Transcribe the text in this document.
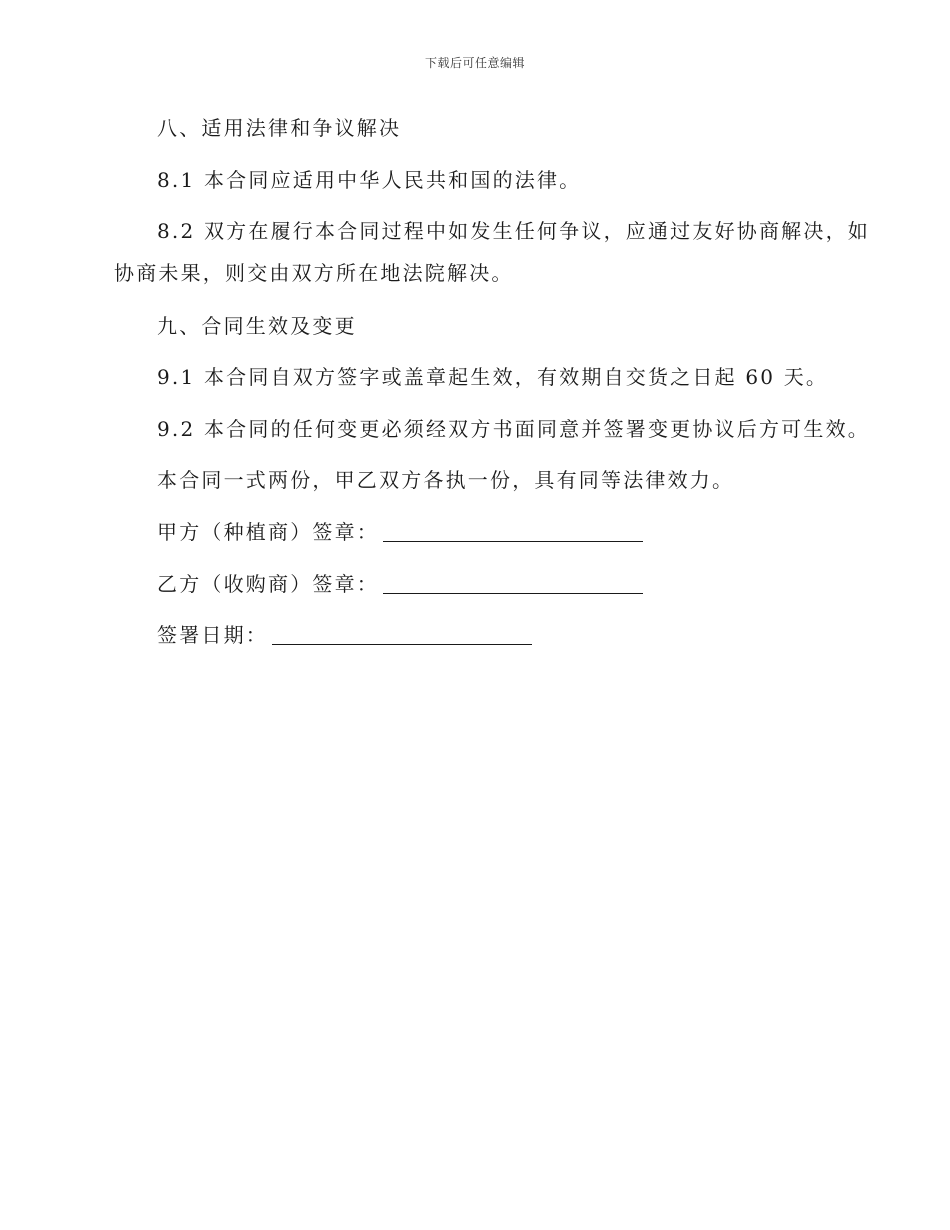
下载后可任意编辑
八、适用法律和争议解决
8.1 本合同应适用中华人民共和国的法律。
8.2 双方在履行本合同过程中如发生任何争议，应通过友好协商解决，如
协商未果，则交由双方所在地法院解决。
九、合同生效及变更
9.1 本合同自双方签字或盖章起生效，有效期自交货之日起 60 天。
9.2 本合同的任何变更必须经双方书面同意并签署变更协议后方可生效。
本合同一式两份，甲乙双方各执一份，具有同等法律效力。
甲方（种植商）签章：
乙方（收购商）签章：
签署日期：
